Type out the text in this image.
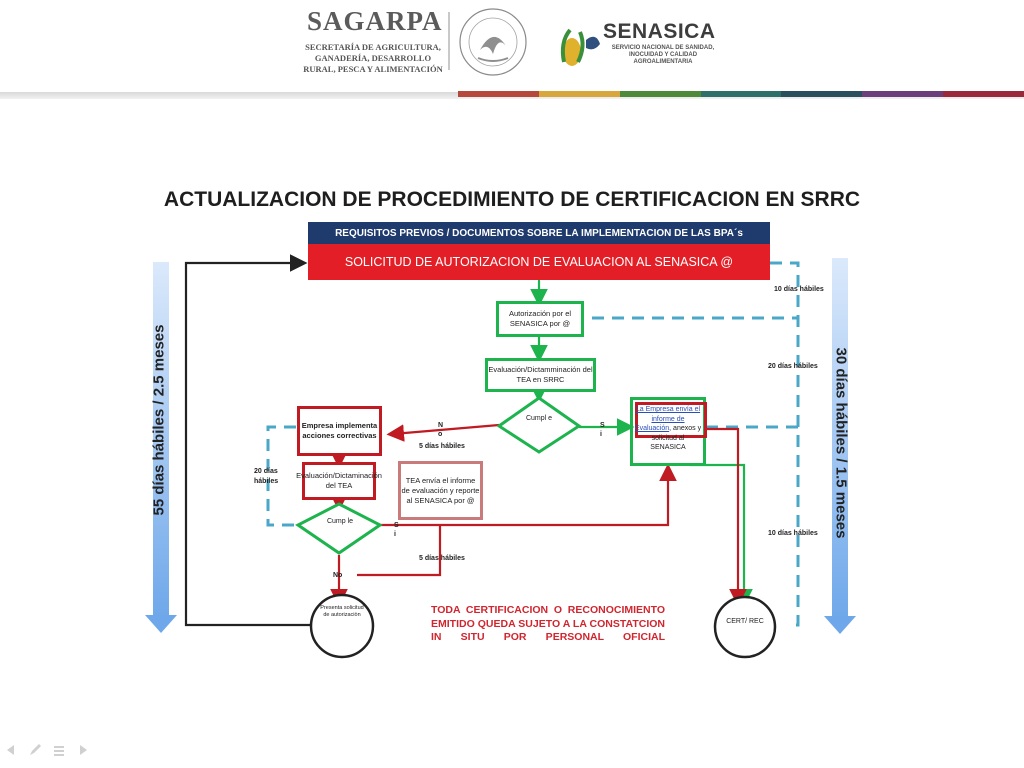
SAGARPA
SECRETARÍA DE AGRICULTURA, GANADERÍA, DESARROLLO RURAL, PESCA Y ALIMENTACIÓN
SENASICA
SERVICIO NACIONAL DE SANIDAD, INOCUIDAD Y CALIDAD AGROALIMENTARIA
ACTUALIZACION DE PROCEDIMIENTO DE CERTIFICACION EN SRRC
REQUISITOS PREVIOS / DOCUMENTOS SOBRE LA IMPLEMENTACION DE LAS BPA´s
SOLICITUD DE AUTORIZACION DE EVALUACION AL SENASICA @
Autorización por el SENASICA por @
Evaluación/Dictamminación del TEA en SRRC
Cumpl e
La Empresa envía el informe de Evaluación, anexos y solicitud al SENASICA
Empresa implementa acciones correctivas
Evaluación/Dictaminación del TEA
TEA envía el informe de evaluación y reporte al SENASICA por @
Cump le
Presenta solicitud de autorizaciòn
CERT/ REC
10 días hábiles
20 días hábiles
10 días hábiles
5 días hábiles
5 días hábiles
20 días hábiles
N o
S i
S i
No
55 días hábiles / 2.5 meses	30 días hábiles / 1.5 meses
TODA CERTIFICACION O RECONOCIMIENTO EMITIDO QUEDA SUJETO A LA CONSTATCION IN SITU POR PERSONAL OFICIAL
